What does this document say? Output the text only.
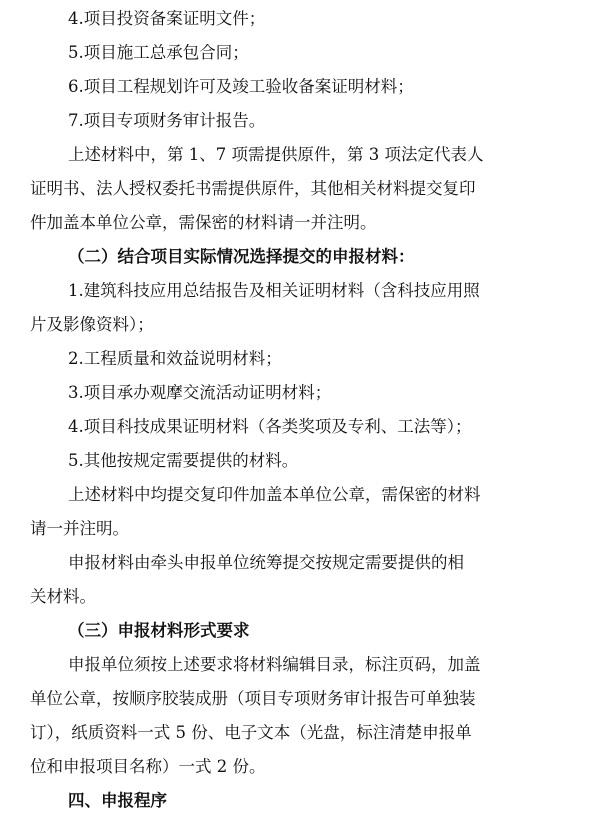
4.项目投资备案证明文件；
5.项目施工总承包合同；
6.项目工程规划许可及竣工验收备案证明材料；
7.项目专项财务审计报告。
上述材料中，第 1、7 项需提供原件，第 3 项法定代表人
证明书、法人授权委托书需提供原件，其他相关材料提交复印
件加盖本单位公章，需保密的材料请一并注明。
（二）结合项目实际情况选择提交的申报材料：
1.建筑科技应用总结报告及相关证明材料（含科技应用照
片及影像资料）；
2.工程质量和效益说明材料；
3.项目承办观摩交流活动证明材料；
4.项目科技成果证明材料（各类奖项及专利、工法等）；
5.其他按规定需要提供的材料。
上述材料中均提交复印件加盖本单位公章，需保密的材料
请一并注明。
申报材料由牵头申报单位统筹提交按规定需要提供的相
关材料。
（三）申报材料形式要求
申报单位须按上述要求将材料编辑目录，标注页码，加盖
单位公章，按顺序胶装成册（项目专项财务审计报告可单独装
订），纸质资料一式 5 份、电子文本（光盘，标注清楚申报单
位和申报项目名称）一式 2 份。
四、申报程序
